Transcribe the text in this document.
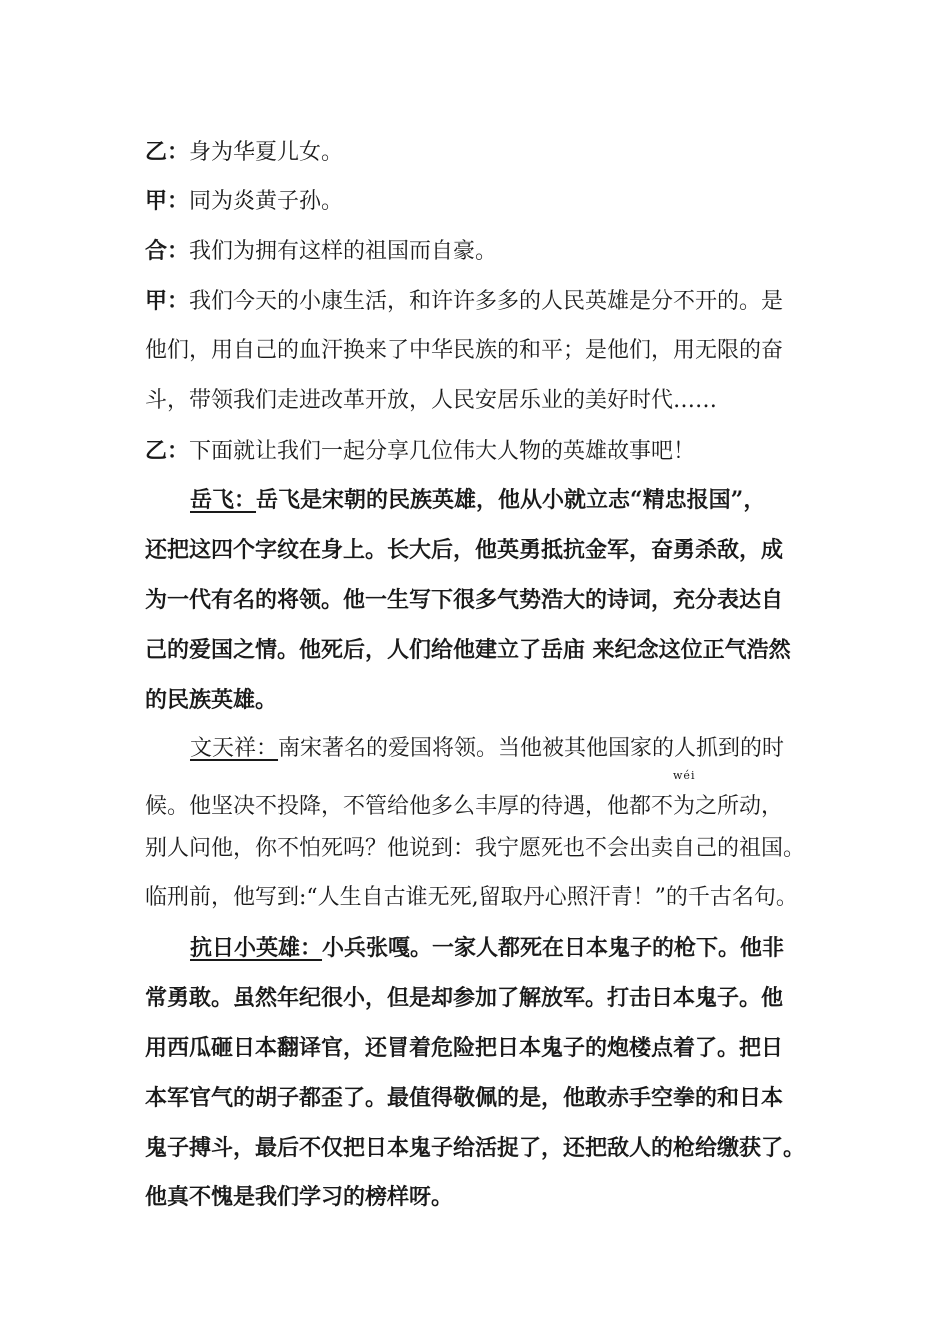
乙：身为华夏儿女。
甲：同为炎黄子孙。
合：我们为拥有这样的祖国而自豪。
甲：我们今天的小康生活，和许许多多的人民英雄是分不开的。是
他们，用自己的血汗换来了中华民族的和平；是他们，用无限的奋
斗，带领我们走进改革开放，人民安居乐业的美好时代……
乙：下面就让我们一起分享几位伟大人物的英雄故事吧！
岳飞：岳飞是宋朝的民族英雄，他从小就立志“精忠报国”，
还把这四个字纹在身上。长大后，他英勇抵抗金军，奋勇杀敌，成
为一代有名的将领。他一生写下很多气势浩大的诗词，充分表达自
己的爱国之情。他死后，人们给他建立了岳庙 来纪念这位正气浩然
的民族英雄。
文天祥：南宋著名的爱国将领。当他被其他国家的人抓到的时
候。他坚决不投降，不管给他多么丰厚的待遇，他都不
wéi
为之所动，
别人问他，你不怕死吗？他说到：我宁愿死也不会出卖自己的祖国。
临刑前，他写到:“人生自古谁无死,留取丹心照汗青！”的千古名句。
抗日小英雄：小兵张嘎。一家人都死在日本鬼子的枪下。他非
常勇敢。虽然年纪很小，但是却参加了解放军。打击日本鬼子。他
用西瓜砸日本翻译官，还冒着危险把日本鬼子的炮楼点着了。把日
本军官气的胡子都歪了。最值得敬佩的是，他敢赤手空拳的和日本
鬼子搏斗，最后不仅把日本鬼子给活捉了，还把敌人的枪给缴获了。
他真不愧是我们学习的榜样呀。
